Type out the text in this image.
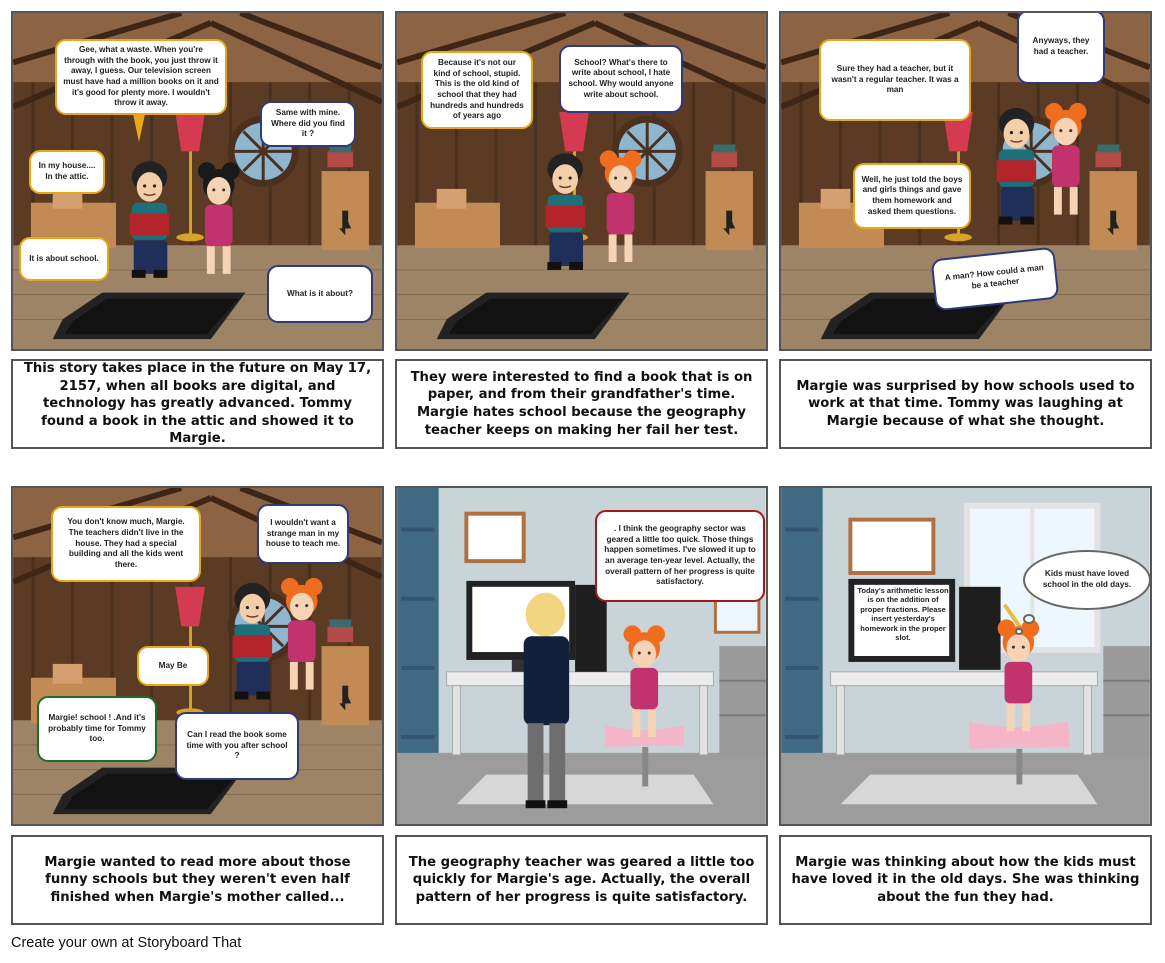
Gee, what a waste. When you're through with the book, you just throw it away, I guess. Our television screen must have had a million books on it and it's good for plenty more. I wouldn't throw it away.
Same with mine. Where did you find it ?
In my house.... In the attic.
It is about school.
What is it about?
This story takes place in the future on May 17, 2157, when all books are digital, and technology has greatly advanced. Tommy found a book in the attic and showed it to Margie.
Because it's not our kind of school, stupid. This is the old kind of school that they had hundreds and hundreds of years ago
School? What's there to write about school, I hate school. Why would anyone write about school.
They were interested to find a book that is on paper, and from their grandfather's time. Margie hates school because the geography teacher keeps on making her fail her test.
Sure they had a teacher, but it wasn't a regular teacher. It was a man
Anyways, they had a teacher.
Well, he just told the boys and girls things and gave them homework and asked them questions.
A man? How could a man be a teacher
Margie was surprised by how schools used to work at that time. Tommy was laughing at Margie because of what she thought.
You don't know much, Margie. The teachers didn't live in the house. They had a special building and all the kids went there.
I wouldn't want a strange man in my house to teach me.
May Be
Margie! school ! .And it's probably time for Tommy too.	Can I read the book some time with you after school ?
Margie wanted to read more about those funny schools but they weren't even half finished when Margie's mother called...
. I think the geography sector was geared a little too quick. Those things happen sometimes. I've slowed it up to an average ten-year level. Actually, the overall pattern of her progress is quite satisfactory.
The geography teacher was geared a little too quickly for Margie's age. Actually, the overall pattern of her progress is quite satisfactory.
Today's arithmetic lesson is on the addition of proper fractions. Please insert yesterday's homework in the proper slot.
Kids must have loved school in the old days.
Margie was thinking about how the kids must have loved it in the old days. She was thinking about the fun they had.
Create your own at Storyboard That
